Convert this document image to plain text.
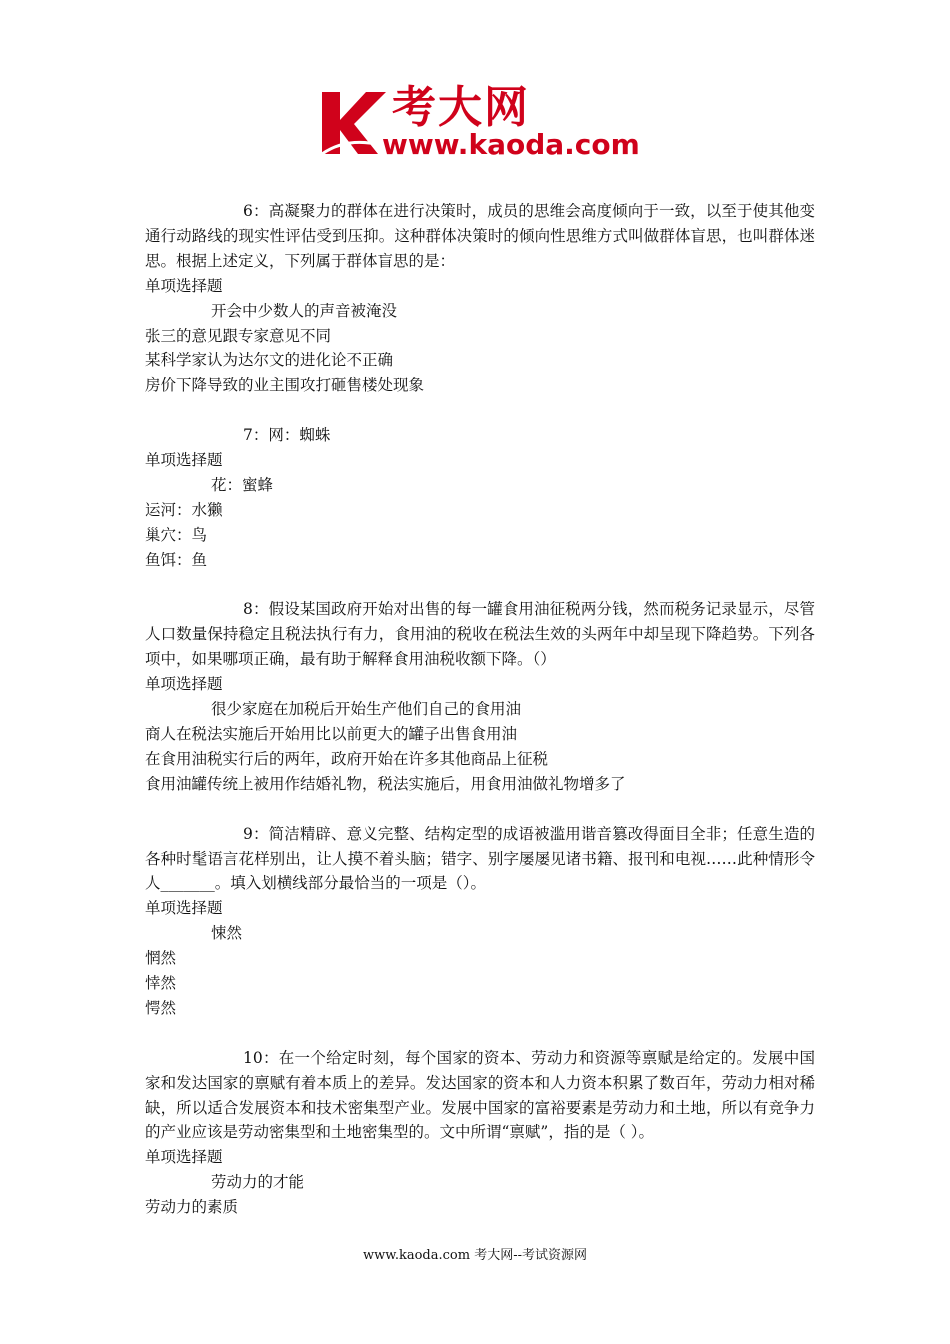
考大网
www.kaoda.com

6：高凝聚力的群体在进行决策时，成员的思维会高度倾向于一致，以至于使其他变通行动路线的现实性评估受到压抑。这种群体决策时的倾向性思维方式叫做群体盲思，也叫群体迷思。根据上述定义，下列属于群体盲思的是：

单项选择题

开会中少数人的声音被淹没

张三的意见跟专家意见不同

某科学家认为达尔文的进化论不正确

房价下降导致的业主围攻打砸售楼处现象

7：网：蜘蛛

单项选择题

花：蜜蜂

运河：水獭

巢穴：鸟

鱼饵：鱼

8：假设某国政府开始对出售的每一罐食用油征税两分钱，然而税务记录显示，尽管人口数量保持稳定且税法执行有力，食用油的税收在税法生效的头两年中却呈现下降趋势。下列各项中，如果哪项正确，最有助于解释食用油税收额下降。（）

单项选择题

很少家庭在加税后开始生产他们自己的食用油

商人在税法实施后开始用比以前更大的罐子出售食用油

在食用油税实行后的两年，政府开始在许多其他商品上征税

食用油罐传统上被用作结婚礼物，税法实施后，用食用油做礼物增多了

9：简洁精辟、意义完整、结构定型的成语被滥用谐音篡改得面目全非；任意生造的各种时髦语言花样别出，让人摸不着头脑；错字、别字屡屡见诸书籍、报刊和电视……此种情形令人_______。填入划横线部分最恰当的一项是（）。

单项选择题

悚然

惘然

悻然

愕然

10：在一个给定时刻，每个国家的资本、劳动力和资源等禀赋是给定的。发展中国家和发达国家的禀赋有着本质上的差异。发达国家的资本和人力资本积累了数百年，劳动力相对稀缺，所以适合发展资本和技术密集型产业。发展中国家的富裕要素是劳动力和土地，所以有竞争力的产业应该是劳动密集型和土地密集型的。文中所谓“禀赋”，指的是（ ）。

单项选择题

劳动力的才能

劳动力的素质

www.kaoda.com 考大网--考试资源网
